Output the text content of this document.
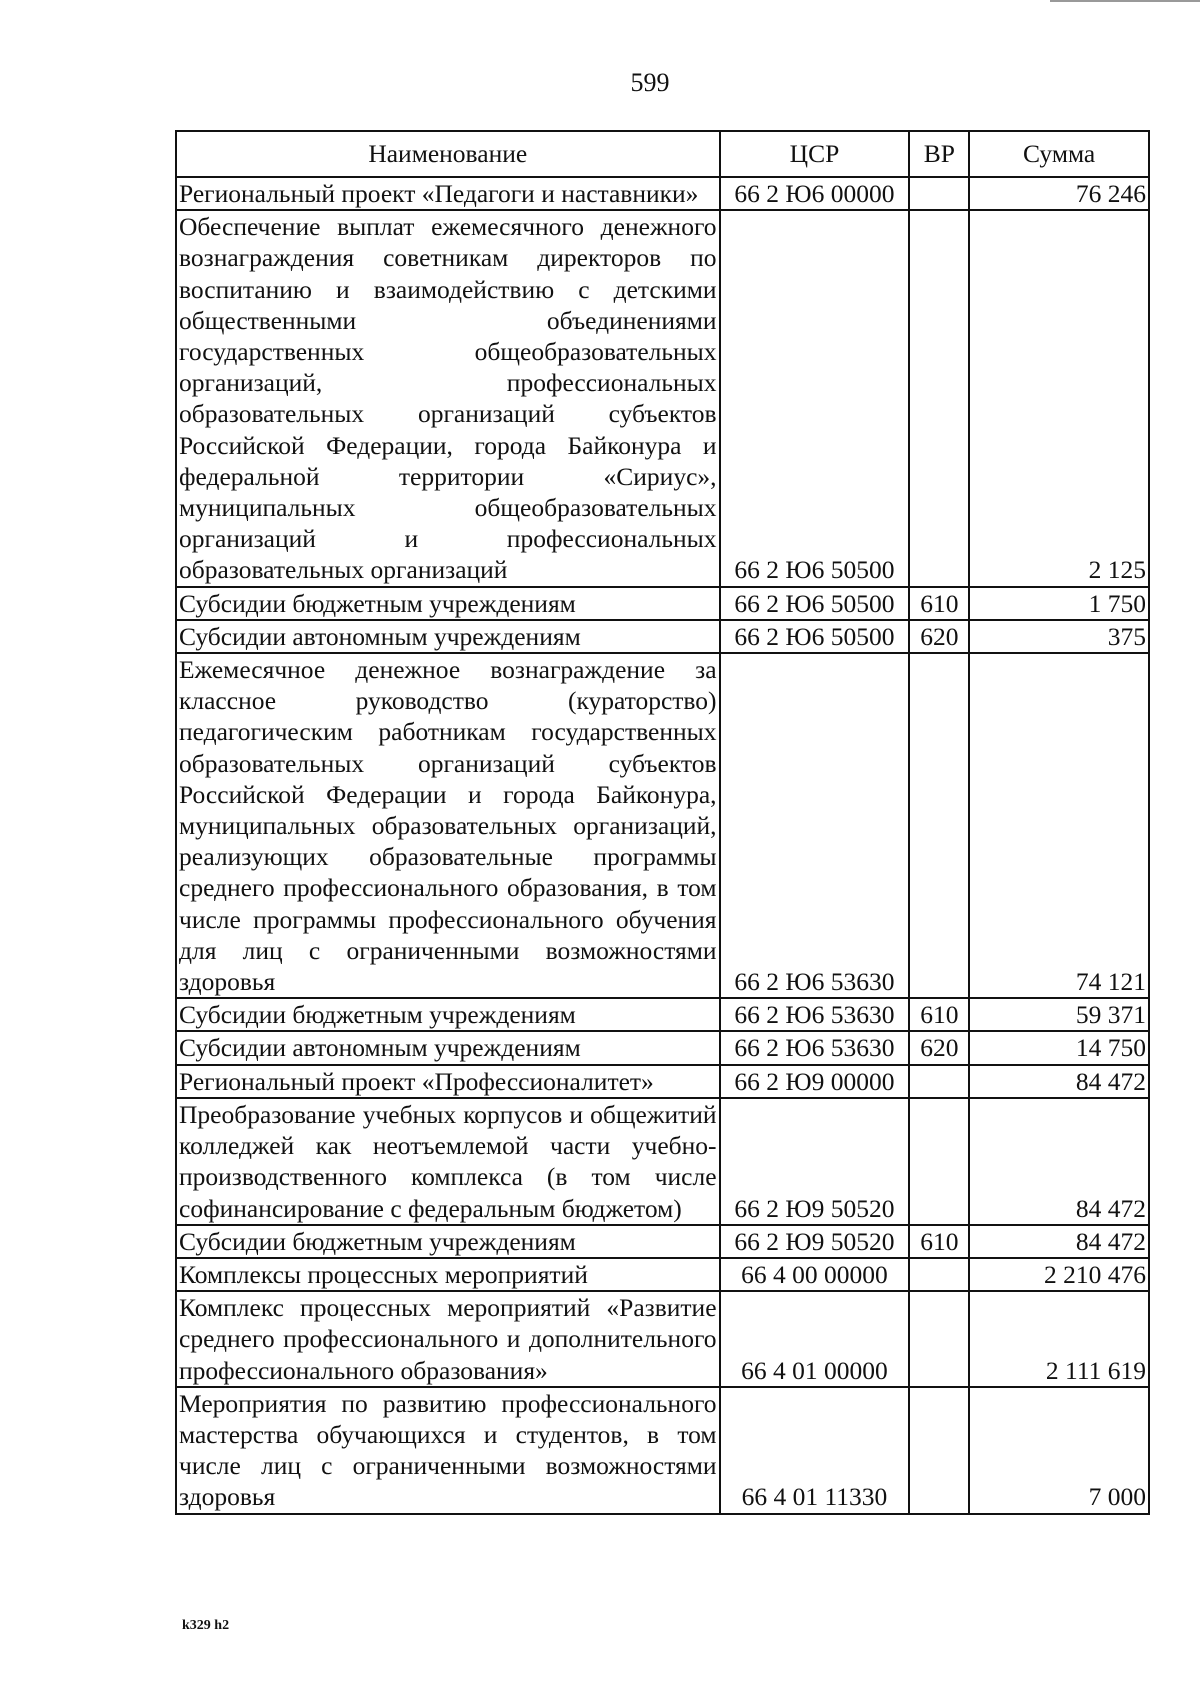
599
Наименование	ЦСР	ВР	Сумма
Региональный проект «Педагоги и наставники»	66 2 Ю6 00000		76 246
Обеспечение выплат ежемесячного денежного вознаграждения советникам директоров по воспитанию и взаимодействию с детскими общественными объединениями государственных общеобразовательных организаций, профессиональных образовательных организаций субъектов Российской Федерации, города Байконура и федеральной территории «Сириус», муниципальных общеобразовательных организаций и профессиональных образовательных организаций	66 2 Ю6 50500		2 125
Субсидии бюджетным учреждениям	66 2 Ю6 50500	610	1 750
Субсидии автономным учреждениям	66 2 Ю6 50500	620	375
Ежемесячное денежное вознаграждение за классное руководство (кураторство) педагогическим работникам государственных образовательных организаций субъектов Российской Федерации и города Байконура, муниципальных образовательных организаций, реализующих образовательные программы среднего профессионального образования, в том числе программы профессионального обучения для лиц с ограниченными возможностями здоровья	66 2 Ю6 53630		74 121
Субсидии бюджетным учреждениям	66 2 Ю6 53630	610	59 371
Субсидии автономным учреждениям	66 2 Ю6 53630	620	14 750
Региональный проект «Профессионалитет»	66 2 Ю9 00000		84 472
Преобразование учебных корпусов и общежитий колледжей как неотъемлемой части учебно-производственного комплекса (в том числе софинансирование с федеральным бюджетом)	66 2 Ю9 50520		84 472
Субсидии бюджетным учреждениям	66 2 Ю9 50520	610	84 472
Комплексы процессных мероприятий	66 4 00 00000		2 210 476
Комплекс процессных мероприятий «Развитие среднего профессионального и дополнительного профессионального образования»	66 4 01 00000		2 111 619
Мероприятия по развитию профессионального мастерства обучающихся и студентов, в том числе лиц с ограниченными возможностями здоровья	66 4 01 11330		7 000
k329 h2
